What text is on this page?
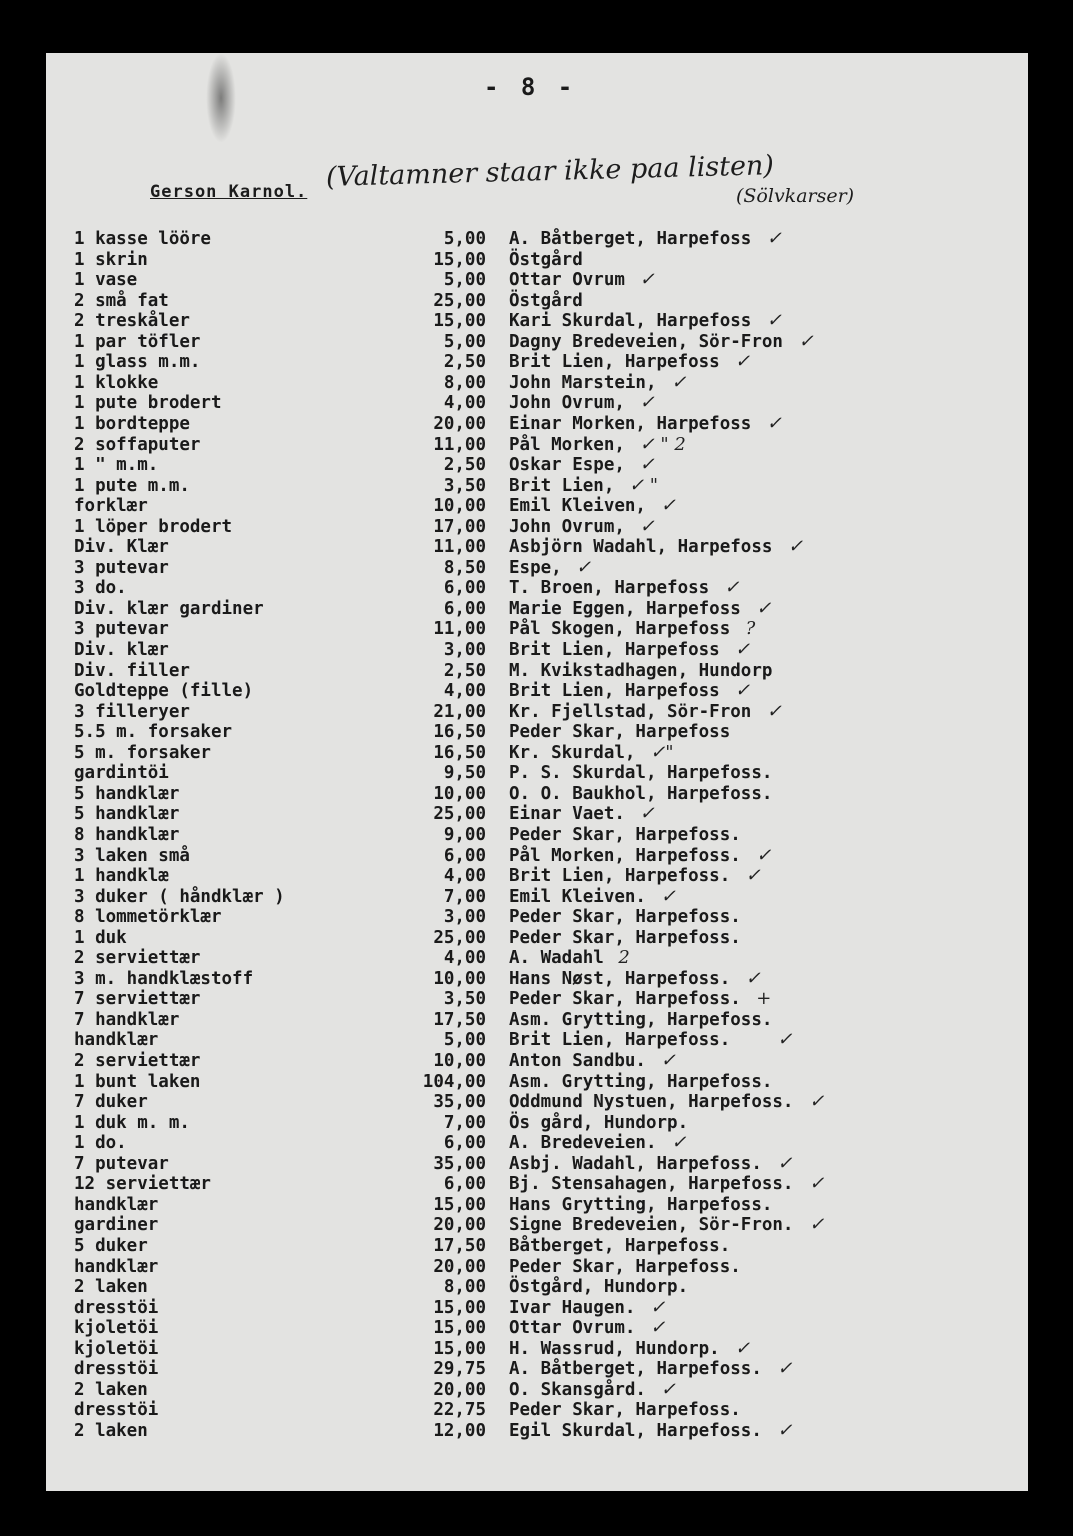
- 8 -
Gerson Karnol. (Valtamner staar ikke paa listen)
(Sölvkarser)
1 kasse lööre	5,00 A. Båtberget, Harpefoss ✓
1 skrin	15,00 Östgård
1 vase	5,00 Ottar Ovrum ✓
2 små fat	25,00 Östgård
2 treskåler	15,00 Kari Skurdal, Harpefoss ✓
1 par töfler	5,00 Dagny Bredeveien, Sör-Fron ✓
1 glass m.m.	2,50 Brit Lien, Harpefoss ✓
1 klokke	8,00 John Marstein, ✓
1 pute brodert	4,00 John Ovrum, ✓
1 bordteppe	20,00 Einar Morken, Harpefoss ✓
2 soffaputer	11,00 Pål Morken, ✓ " 2
1 " m.m.	2,50 Oskar Espe, ✓
1 pute m.m.	3,50 Brit Lien, ✓ "
forklær	10,00 Emil Kleiven, ✓
1 löper brodert	17,00 John Ovrum, ✓
Div. Klær	11,00 Asbjörn Wadahl, Harpefoss ✓
3 putevar	8,50 Espe, ✓
3 do.	6,00 T. Broen, Harpefoss ✓
Div. klær gardiner	6,00 Marie Eggen, Harpefoss ✓
3 putevar	11,00 Pål Skogen, Harpefoss ?
Div. klær	3,00 Brit Lien, Harpefoss ✓
Div. filler	2,50 M. Kvikstadhagen, Hundorp
Goldteppe (fille)	4,00 Brit Lien, Harpefoss ✓
3 filleryer	21,00 Kr. Fjellstad, Sör-Fron ✓
5.5 m. forsaker	16,50 Peder Skar, Harpefoss
5 m. forsaker	16,50 Kr. Skurdal, ✓"
gardintöi	9,50 P. S. Skurdal, Harpefoss.
5 handklær	10,00 O. O. Baukhol, Harpefoss.
5 handklær	25,00 Einar Vaet. ✓
8 handklær	9,00 Peder Skar, Harpefoss.
3 laken små	6,00 Pål Morken, Harpefoss. ✓
1 handklæ	4,00 Brit Lien, Harpefoss. ✓
3 duker ( håndklær )	7,00 Emil Kleiven. ✓
8 lommetörklær	3,00 Peder Skar, Harpefoss.
1 duk	25,00 Peder Skar, Harpefoss.
2 serviettær	4,00 A. Wadahl 2
3 m. handklæstoff	10,00 Hans Nøst, Harpefoss. ✓
7 serviettær	3,50 Peder Skar, Harpefoss. +
7 handklær	17,50 Asm. Grytting, Harpefoss.
handklær	5,00 Brit Lien, Harpefoss.	✓
2 serviettær	10,00 Anton Sandbu. ✓
1 bunt laken	104,00 Asm. Grytting, Harpefoss.
7 duker	35,00 Oddmund Nystuen, Harpefoss. ✓
1 duk m. m.	7,00 Ös gård, Hundorp.
1 do.	6,00 A. Bredeveien. ✓
7 putevar	35,00 Asbj. Wadahl, Harpefoss. ✓
12 serviettær	6,00 Bj. Stensahagen, Harpefoss. ✓
handklær	15,00 Hans Grytting, Harpefoss.
gardiner	20,00 Signe Bredeveien, Sör-Fron. ✓
5 duker	17,50 Båtberget, Harpefoss.
handklær	20,00 Peder Skar, Harpefoss.
2 laken	8,00 Östgård, Hundorp.
dresstöi	15,00 Ivar Haugen. ✓
kjoletöi	15,00 Ottar Ovrum. ✓
kjoletöi	15,00 H. Wassrud, Hundorp. ✓
dresstöi	29,75 A. Båtberget, Harpefoss. ✓
2 laken	20,00 O. Skansgård. ✓
dresstöi	22,75 Peder Skar, Harpefoss.
2 laken	12,00 Egil Skurdal, Harpefoss. ✓
